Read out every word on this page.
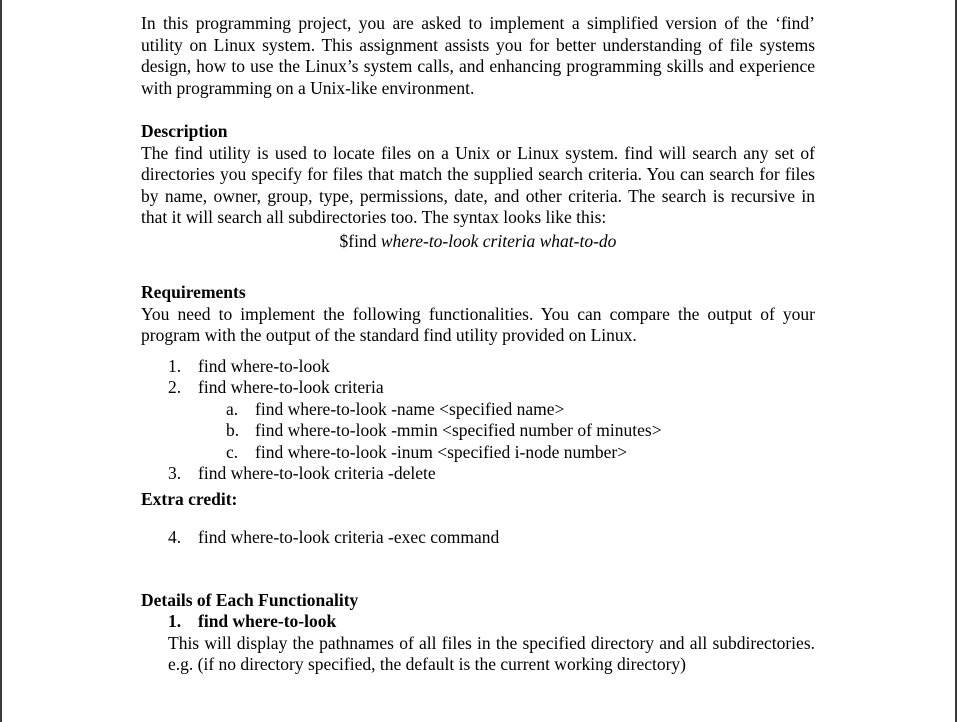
In this programming project, you are asked to implement a simplified version of the ‘find’ utility on Linux system. This assignment assists you for better understanding of file systems design, how to use the Linux’s system calls, and enhancing programming skills and experience with programming on a Unix-like environment.

Description

The find utility is used to locate files on a Unix or Linux system. find will search any set of directories you specify for files that match the supplied search criteria. You can search for files by name, owner, group, type, permissions, date, and other criteria. The search is recursive in that it will search all subdirectories too. The syntax looks like this:

$find where-to-look criteria what-to-do

Requirements

You need to implement the following functionalities. You can compare the output of your program with the output of the standard find utility provided on Linux.

1. find where-to-look
2. find where-to-look criteria
a. find where-to-look -name <specified name>
b. find where-to-look -mmin <specified number of minutes>
c. find where-to-look -inum <specified i-node number>
3. find where-to-look criteria -delete

Extra credit:

4. find where-to-look criteria -exec command

Details of Each Functionality

1. find where-to-look

This will display the pathnames of all files in the specified directory and all subdirectories. e.g. (if no directory specified, the default is the current working directory)
